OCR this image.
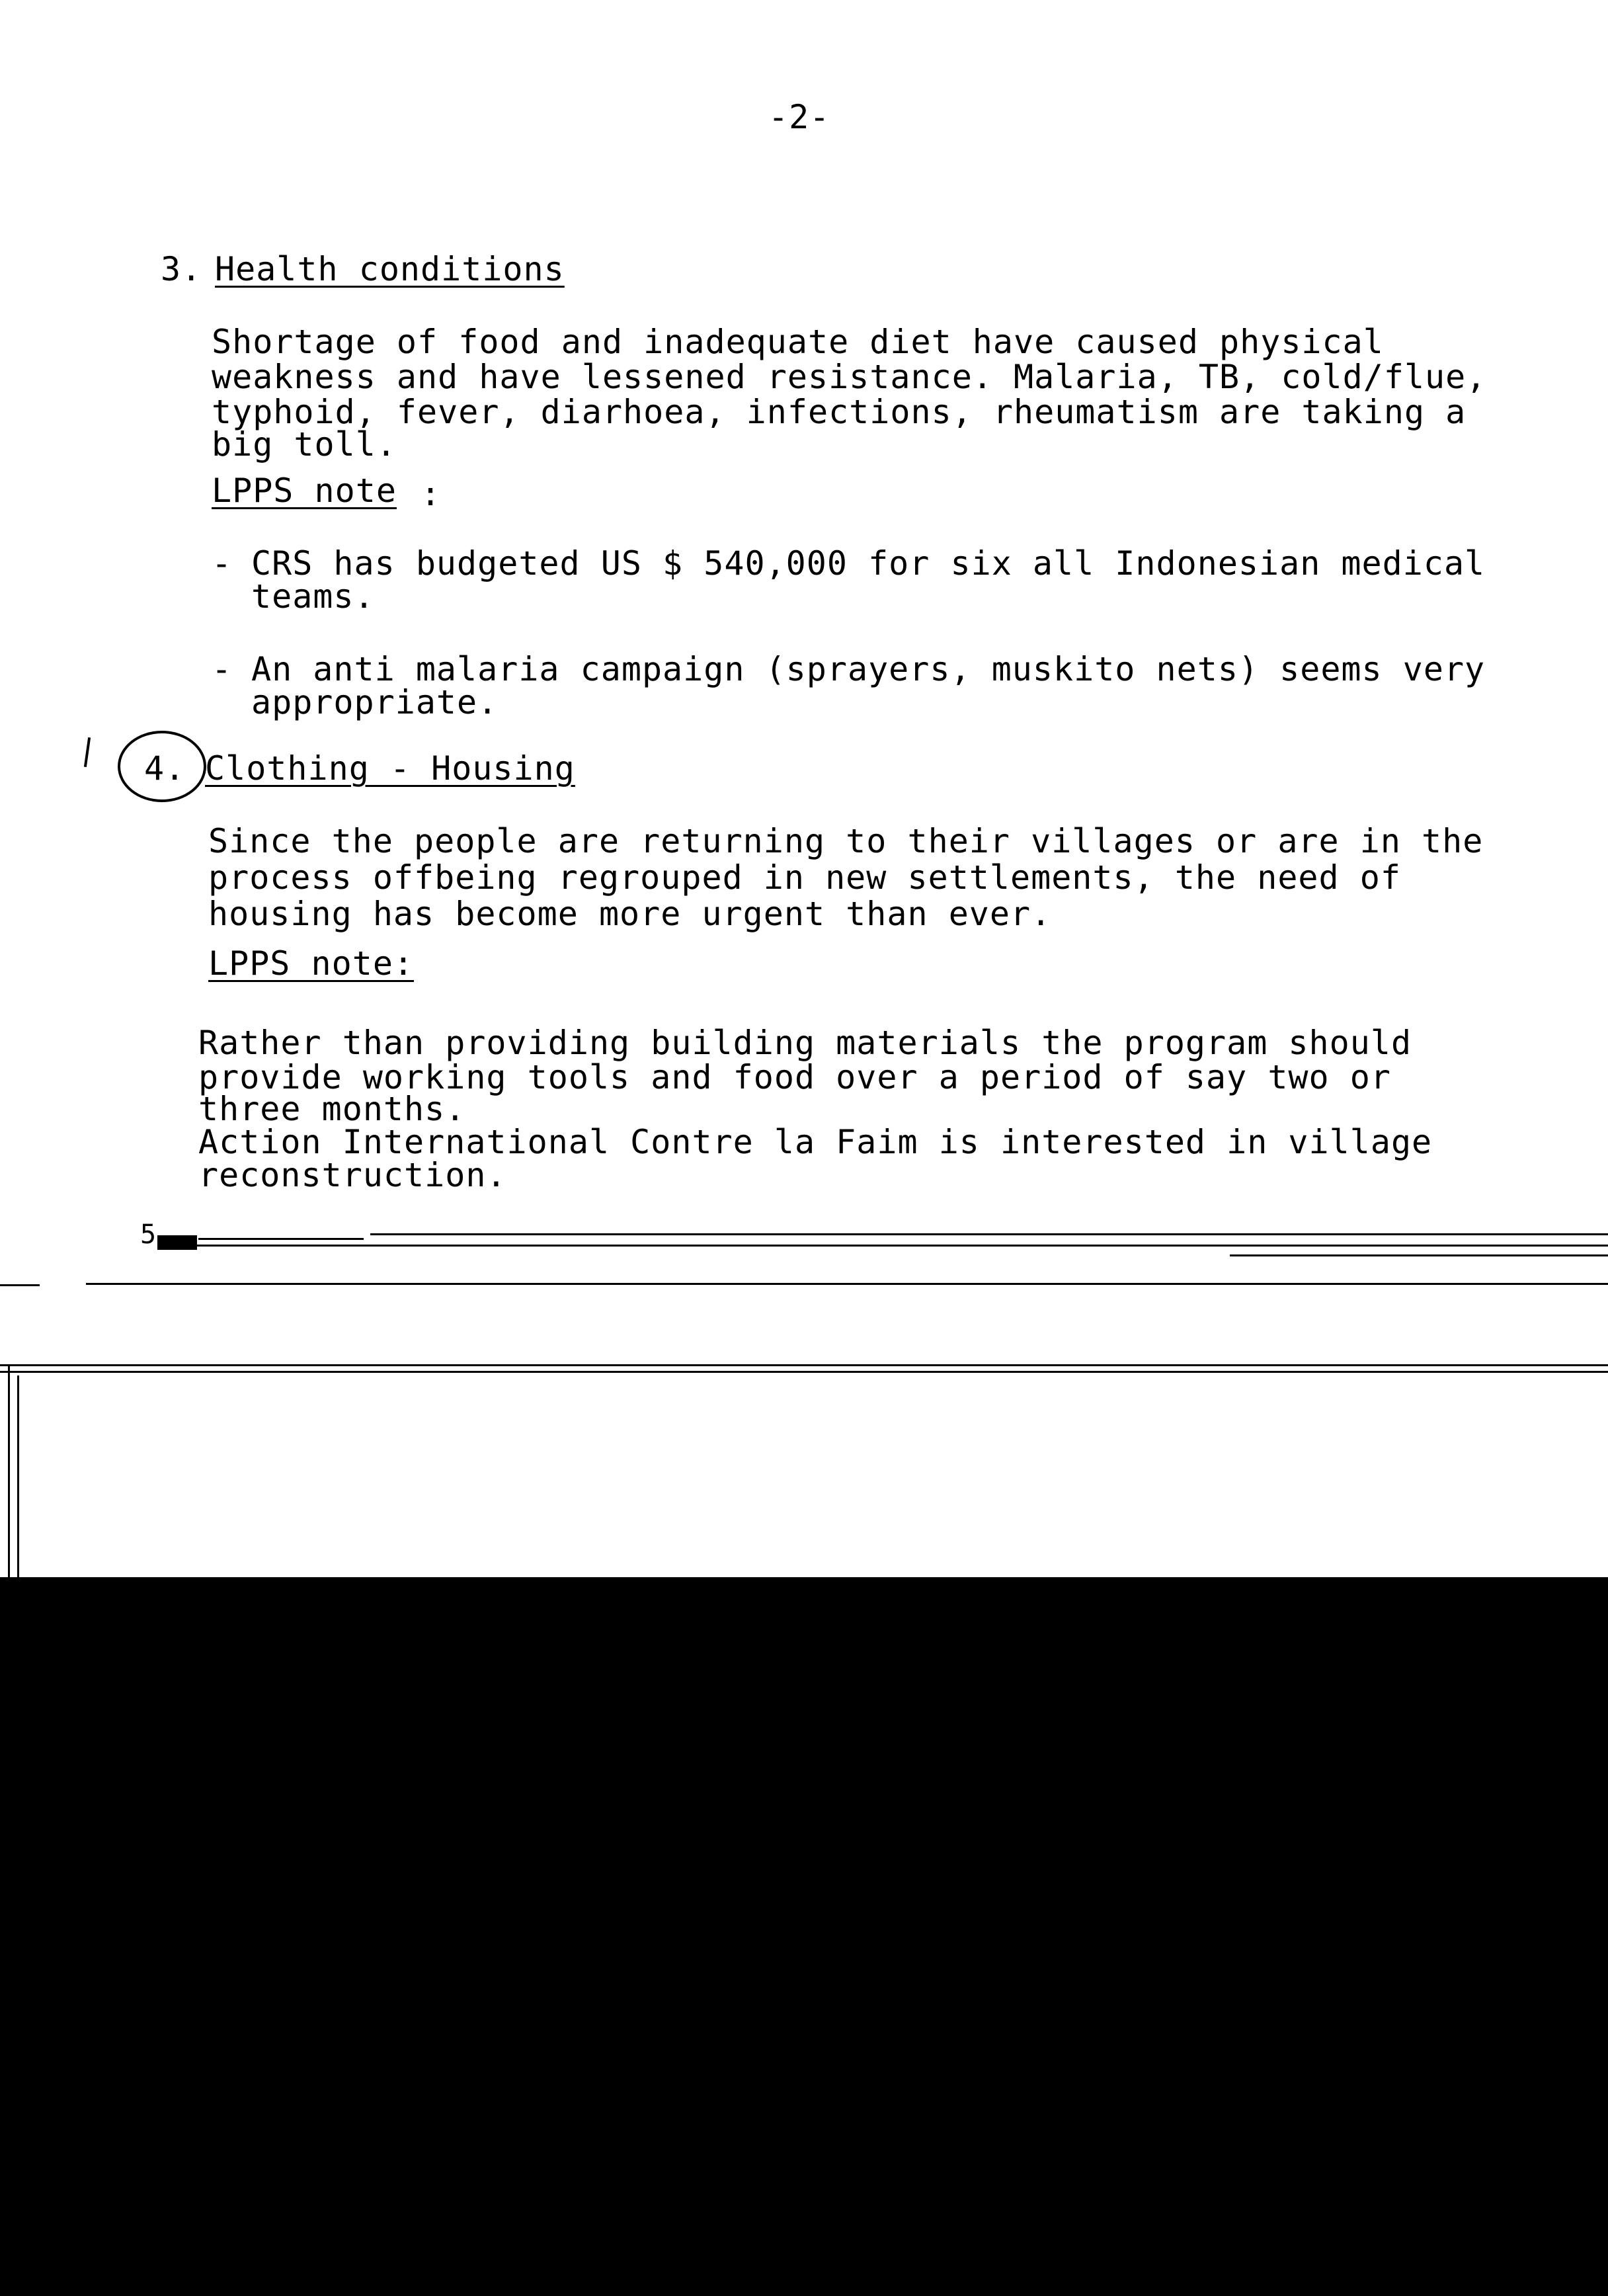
-2-
3. Health conditions
Shortage of food and inadequate diet have caused physical
weakness and have lessened resistance. Malaria, TB, cold/flue,
typhoid, fever, diarhoea, infections, rheumatism are taking a
big toll.
LPPS note :
- CRS has budgeted US $ 540,000 for six all Indonesian medical
teams.
- An anti malaria campaign (sprayers, muskito nets) seems very
appropriate.
4. Clothing - Housing
Since the people are returning to their villages or are in the
process offbeing regrouped in new settlements, the need of
housing has become more urgent than ever.
LPPS note:
Rather than providing building materials the program should
provide working tools and food over a period of say two or
three months.
Action International Contre la Faim is interested in village
reconstruction.
5
